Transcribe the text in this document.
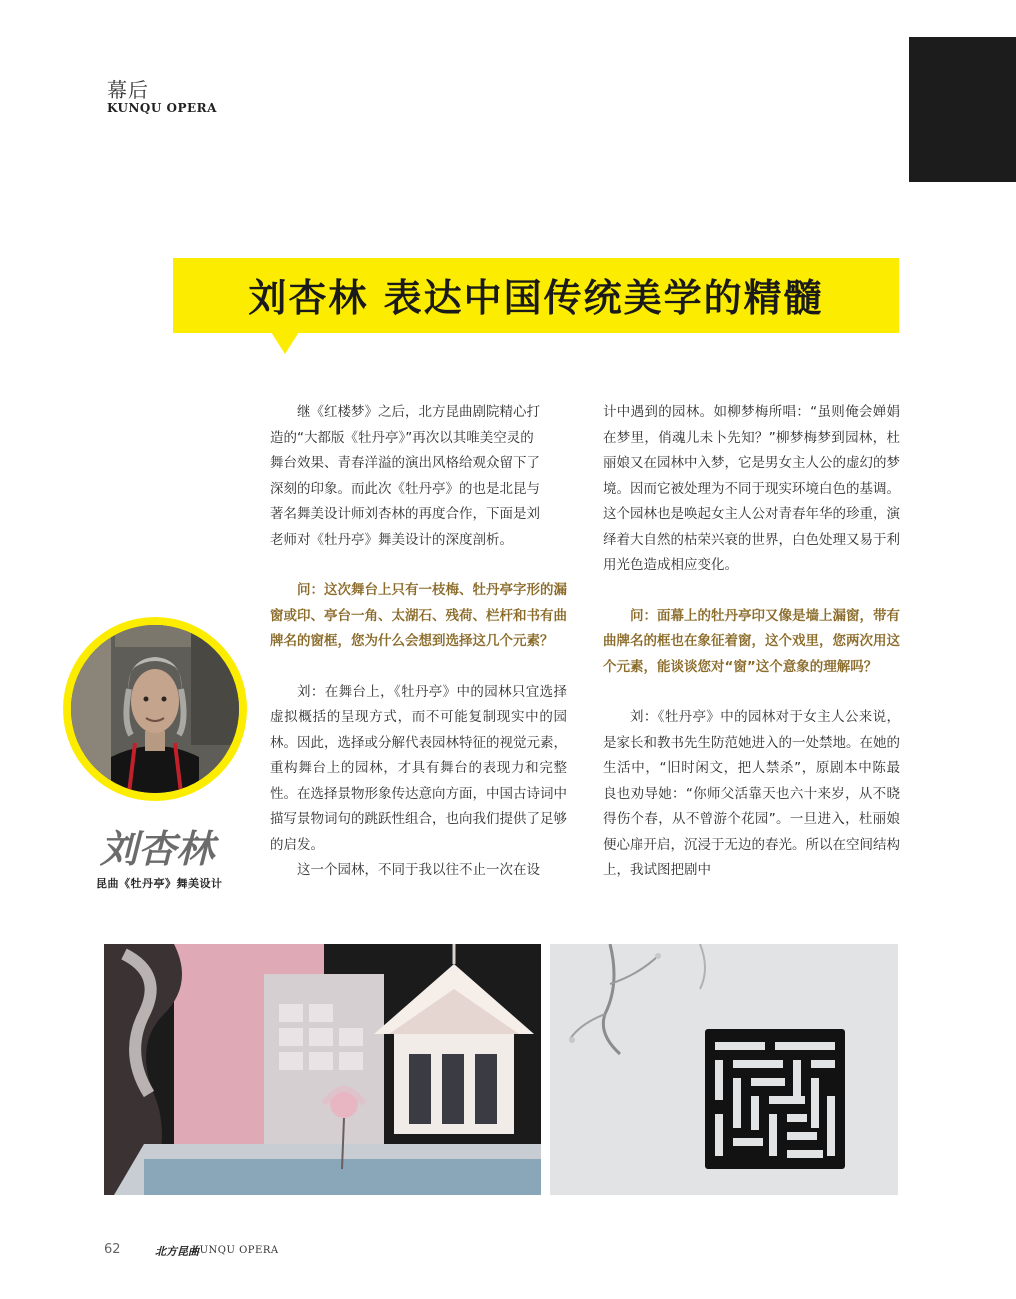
幕后
KUNQU OPERA
刘杏林 表达中国传统美学的精髓

继《红楼梦》之后，北方昆曲剧院精心打

造的“大都版《牡丹亭》”再次以其唯美空灵的

舞台效果、青春洋溢的演出风格给观众留下了

深刻的印象。而此次《牡丹亭》的也是北昆与

著名舞美设计师刘杏林的再度合作，下面是刘

老师对《牡丹亭》舞美设计的深度剖析。

问：这次舞台上只有一枝梅、牡丹亭字形的漏窗或印、亭台一角、太湖石、残荷、栏杆和书有曲牌名的窗框，您为什么会想到选择这几个元素？

刘：在舞台上，《牡丹亭》中的园林只宜选择虚拟概括的呈现方式，而不可能复制现实中的园林。因此，选择或分解代表园林特征的视觉元素，重构舞台上的园林，才具有舞台的表现力和完整性。在选择景物形象传达意向方面，中国古诗词中描写景物词句的跳跃性组合，也向我们提供了足够的启发。

这一个园林，不同于我以往不止一次在设

计中遇到的园林。如柳梦梅所唱：“虽则俺会婵娟在梦里，俏魂儿未卜先知？”柳梦梅梦到园林，杜丽娘又在园林中入梦，它是男女主人公的虚幻的梦境。因而它被处理为不同于现实环境白色的基调。这个园林也是唤起女主人公对青春年华的珍重，演绎着大自然的枯荣兴衰的世界，白色处理又易于利用光色造成相应变化。

问：面幕上的牡丹亭印又像是墙上漏窗，带有曲牌名的框也在象征着窗，这个戏里，您两次用这个元素，能谈谈您对“窗”这个意象的理解吗？

刘：《牡丹亭》中的园林对于女主人公来说，是家长和教书先生防范她进入的一处禁地。在她的生活中，“旧时闲文，把人禁杀”，原剧本中陈最良也劝导她：“你师父活靠天也六十来岁，从不晓得伤个春，从不曾游个花园”。一旦进入，杜丽娘便心扉开启，沉浸于无边的春光。所以在空间结构上，我试图把剧中

刘杏林
昆曲《牡丹亭》舞美设计
62	北方昆曲
KUNQU OPERA
